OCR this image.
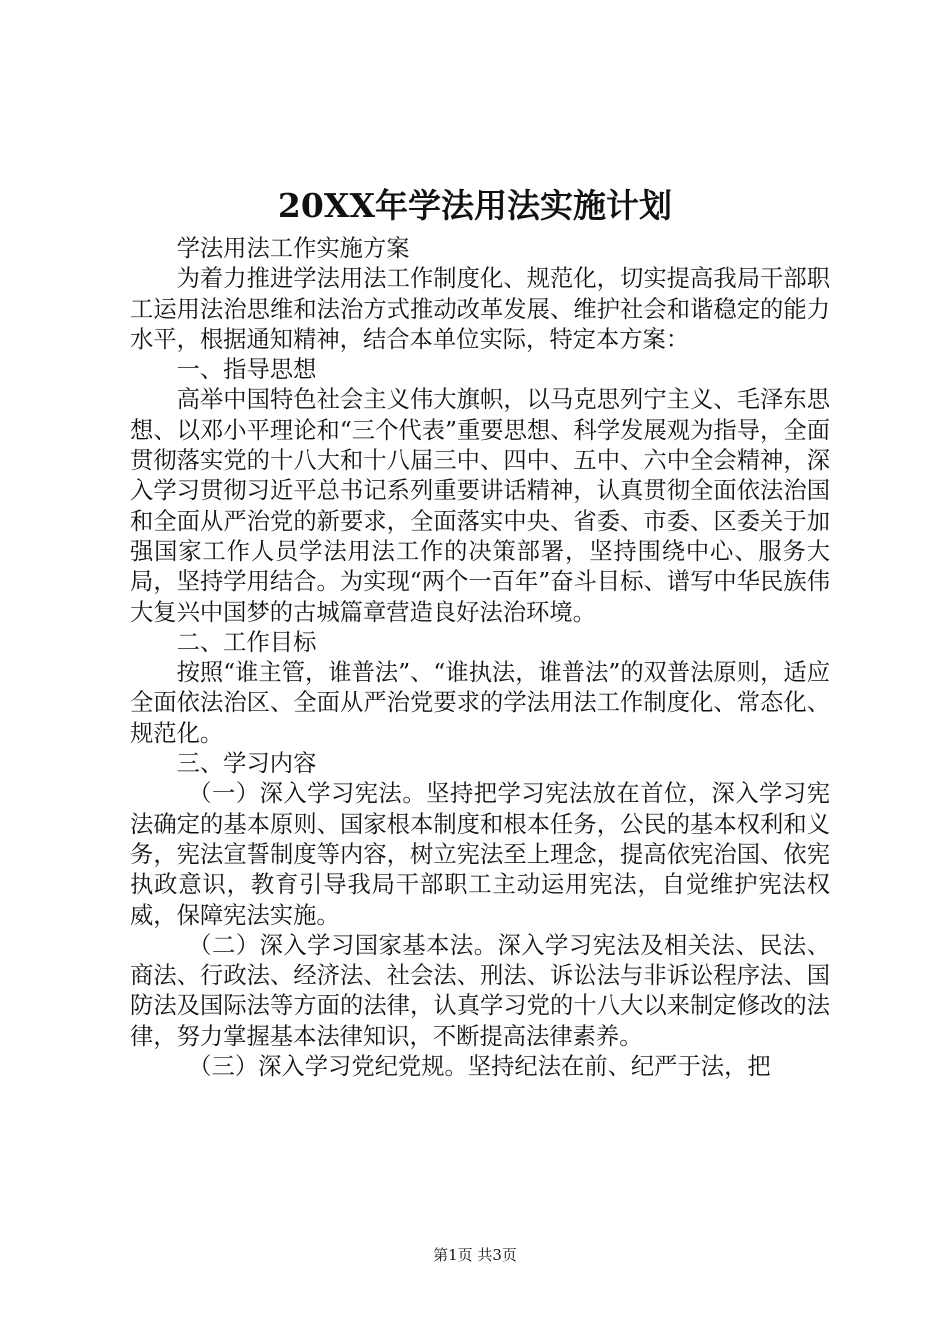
20XX年学法用法实施计划

学法用法工作实施方案

为着力推进学法用法工作制度化、规范化，切实提高我局干部职工运用法治思维和法治方式推动改革发展、维护社会和谐稳定的能力水平，根据通知精神，结合本单位实际，特定本方案：

一、指导思想

高举中国特色社会主义伟大旗帜，以马克思列宁主义、毛泽东思想、以邓小平理论和“三个代表”重要思想、科学发展观为指导，全面贯彻落实党的十八大和十八届三中、四中、五中、六中全会精神，深入学习贯彻习近平总书记系列重要讲话精神，认真贯彻全面依法治国和全面从严治党的新要求，全面落实中央、省委、市委、区委关于加强国家工作人员学法用法工作的决策部署，坚持围绕中心、服务大局，坚持学用结合。为实现“两个一百年”奋斗目标、谱写中华民族伟大复兴中国梦的古城篇章营造良好法治环境。

二、工作目标

按照“谁主管，谁普法”、“谁执法，谁普法”的双普法原则，适应全面依法治区、全面从严治党要求的学法用法工作制度化、常态化、规范化。

三、学习内容

（一）深入学习宪法。坚持把学习宪法放在首位，深入学习宪法确定的基本原则、国家根本制度和根本任务，公民的基本权利和义务，宪法宣誓制度等内容，树立宪法至上理念，提高依宪治国、依宪执政意识，教育引导我局干部职工主动运用宪法，自觉维护宪法权威，保障宪法实施。

（二）深入学习国家基本法。深入学习宪法及相关法、民法、商法、行政法、经济法、社会法、刑法、诉讼法与非诉讼程序法、国防法及国际法等方面的法律，认真学习党的十八大以来制定修改的法律，努力掌握基本法律知识，不断提高法律素养。

（三）深入学习党纪党规。坚持纪法在前、纪严于法，把

第1页 共3页
